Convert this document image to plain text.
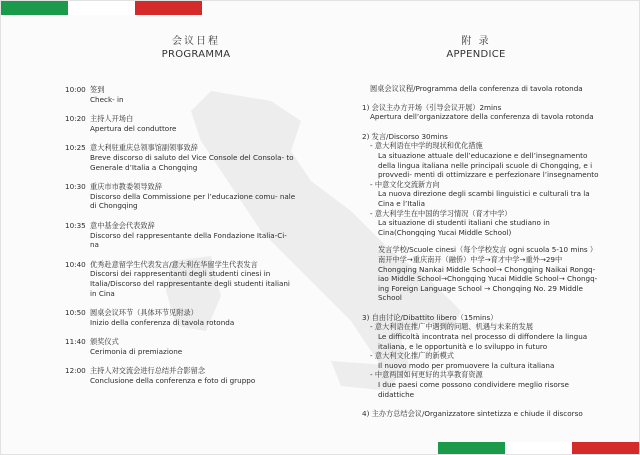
会议日程
PROGRAMMA
10:00 签到
Check- in
10:20 主持人开场白
Apertura del conduttore
10:25 意大利驻重庆总领事馆副领事致辞
Breve discorso di saluto del Vice Console del Consola- to Generale d’Italia a Chongqing
10:30 重庆市市教委领导致辞
Discorso della Commissione per l’educazione comu- nale di Chongqing
10:35 意中基金会代表致辞
Discorso del rappresentante della Fondazione Italia-Ci- na
10:40 优秀赴意留学生代表发言/意大利在华留学生代表发言
Discorsi dei rappresentanti degli studenti cinesi in Italia/Discorso del rappresentante degli studenti italiani in Cina
10:50 圆桌会议环节（具体环节见附录）
Inizio della conferenza di tavola rotonda
11:40 颁奖仪式
Cerimonia di premiazione
12:00 主持人对交流会进行总结并合影留念
Conclusione della conferenza e foto di gruppo
附 录
APPENDICE
圆桌会议议程/Programma della conferenza di tavola rotonda
1) 会议主办方开场（引导会议开展）2mins
Apertura dell’organizzatore della conferenza di tavola rotonda
2) 发言/Discorso 30mins
- 意大利语在中学的现状和优化措施
La situazione attuale dell’educazione e dell’insegnamento della lingua italiana nelle principali scuole di Chongqing, e i provvedi- menti di ottimizzare e perfezionare l’insegnamento
- 中意文化交流新方向
La nuova direzione degli scambi linguistici e culturali tra la Cina e l’Italia
- 意大利学生在中国的学习情况（育才中学）
La situazione di studenti italiani che studiano in Cina(Chongqing Yucai Middle School)
发言学校/Scuole cinesi（每个学校发言 ogni scuola 5-10 mins ）南开中学→重庆南开（融侨）中学→育才中学→重外→29中 Chongqing Nankai Middle School→ Chongqing Naikai Rongq- iao Middle School→Chongqing Yucai Middle School→ Chongq- ing Foreign Language School → Chongqing No. 29 Middle School
3) 自由讨论/Dibattito libero（15mins）
- 意大利语在推广中遇到的问题、机遇与未来的发展
Le difficoltà incontrata nel processo di diffondere la lingua italiana, e le opportunità e lo sviluppo in futuro
- 意大利文化推广的新模式
Il nuovo modo per promuovere la cultura italiana
- 中意两国如何更好的共享教育资源
I due paesi come possono condividere meglio risorse didattiche
4) 主办方总结会议/Organizzatore sintetizza e chiude il discorso
